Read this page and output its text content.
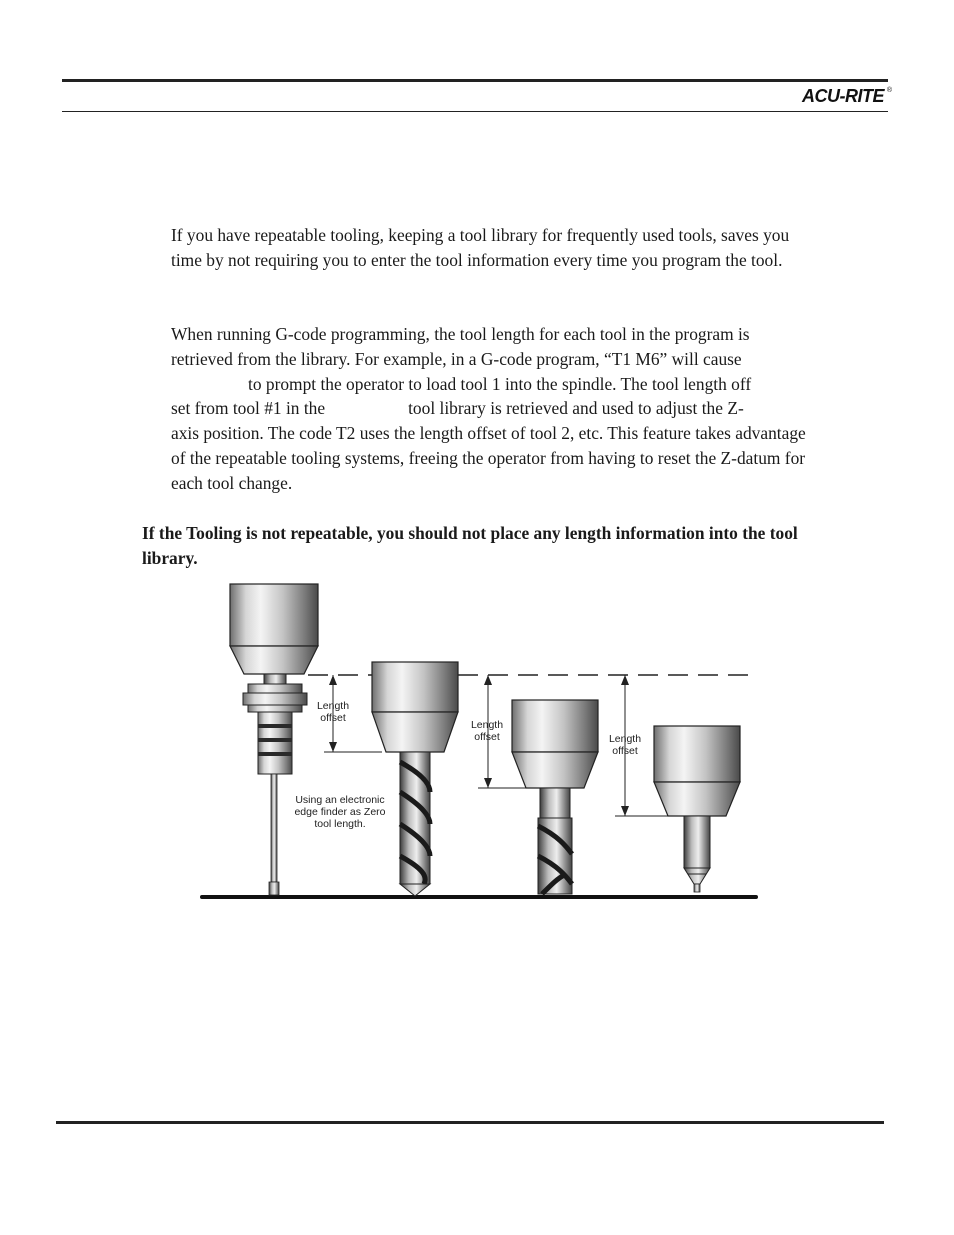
ACU-RITE ®

If you have repeatable tooling, keeping a tool library for frequently used tools, saves you time by not requiring you to enter the tool information every time you program the tool.

When running G-code programming, the tool length for each tool in the program is
retrieved from the library. For example, in a G-code program, “T1 M6” will cause
to prompt the operator to load tool 1 into the spindle. The tool length off
set from tool #1 in the	tool library is retrieved and used to adjust the Z-
axis position. The code T2 uses the length offset of tool 2, etc. This feature takes advantage of the repeatable tooling systems, freeing the operator from having to reset the Z-datum for each tool change.
If the Tooling is not repeatable, you should not place any length information into the tool library.
Length
offset
Length
offset	Length
offset
Using an electronic
edge finder as Zero
tool length.
